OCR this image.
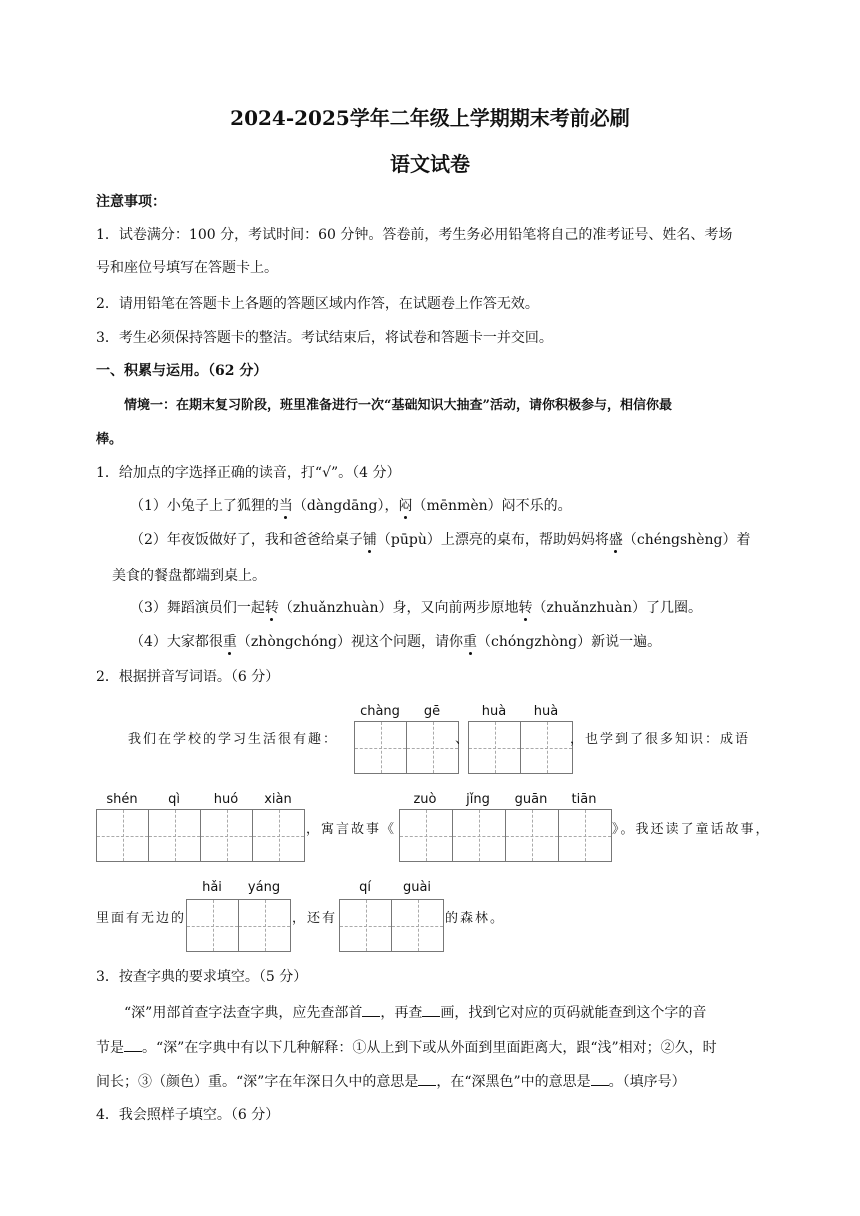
2024-2025学年二年级上学期期末考前必刷
语文试卷
注意事项：
1．试卷满分：100 分，考试时间：60 分钟。答卷前，考生务必用铅笔将自己的准考证号、姓名、考场
号和座位号填写在答题卡上。
2．请用铅笔在答题卡上各题的答题区域内作答，在试题卷上作答无效。
3．考生必须保持答题卡的整洁。考试结束后，将试卷和答题卡一并交回。
一、积累与运用。（62 分）
情境一：在期末复习阶段，班里准备进行一次“基础知识大抽查”活动，请你积极参与，相信你最
棒。
1．给加点的字选择正确的读音，打“√”。（4 分）
（1）小兔子上了狐狸的当（dàngdāng），闷（mēnmèn）闷不乐的。
（2）年夜饭做好了，我和爸爸给桌子铺（pūpù）上漂亮的桌布，帮助妈妈将盛（chéngshèng）着
美食的餐盘都端到桌上。
（3）舞蹈演员们一起转（zhuǎnzhuàn）身，又向前两步原地转（zhuǎnzhuàn）了几圈。
（4）大家都很重（zhòngchóng）视这个问题，请你重（chóngzhòng）新说一遍。
2．根据拼音写词语。（6 分）
我们在学校的学习生活很有趣：
chàng	gē
、
huà	huà
，也学到了很多知识：成语
shén	qì	huó	xiàn
，寓言故事《
zuò	jǐng	guān	tiān
》。我还读了童话故事，
里面有无边的
hǎi	yáng
，还有
qí	guài
的森林。
3．按查字典的要求填空。（5 分）
“深”用部首查字法查字典，应先查部首 ，再查 画，找到它对应的页码就能查到这个字的音
节是 。“深”在字典中有以下几种解释：①从上到下或从外面到里面距离大，跟“浅”相对；②久，时
间长；③（颜色）重。“深”字在年深日久中的意思是 ，在“深黑色”中的意思是 。（填序号）
4．我会照样子填空。（6 分）
